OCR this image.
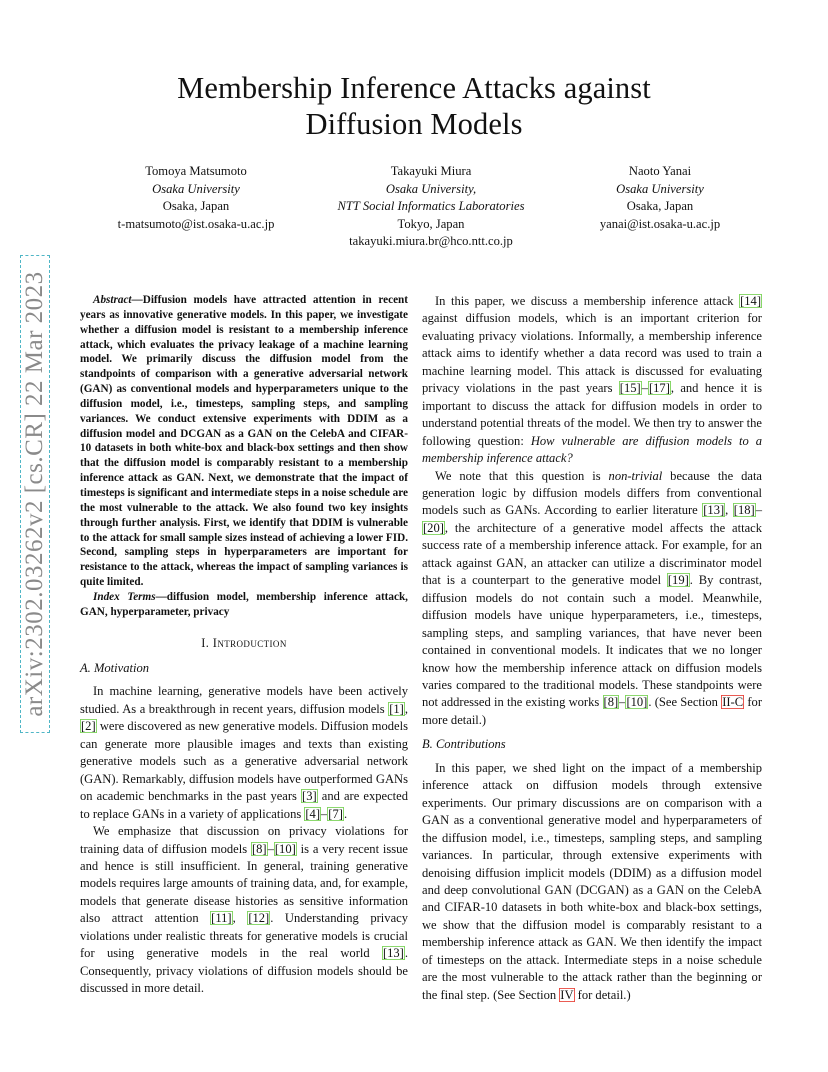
Membership Inference Attacks against
Diffusion Models
Tomoya Matsumoto
Osaka University
Osaka, Japan
t-matsumoto@ist.osaka-u.ac.jp
Takayuki Miura
Osaka University,
NTT Social Informatics Laboratories
Tokyo, Japan
takayuki.miura.br@hco.ntt.co.jp
Naoto Yanai
Osaka University
Osaka, Japan
yanai@ist.osaka-u.ac.jp
arXiv:2302.03262v2 [cs.CR] 22 Mar 2023	Abstract—Diffusion models have attracted attention in recent years as innovative generative models. In this paper, we investigate whether a diffusion model is resistant to a membership inference attack, which evaluates the privacy leakage of a machine learning model. We primarily discuss the diffusion model from the standpoints of comparison with a generative adversarial network (GAN) as conventional models and hyperparameters unique to the diffusion model, i.e., timesteps, sampling steps, and sampling variances. We conduct extensive experiments with DDIM as a diffusion model and DCGAN as a GAN on the CelebA and CIFAR-10 datasets in both white-box and black-box settings and then show that the diffusion model is comparably resistant to a membership inference attack as GAN. Next, we demonstrate that the impact of timesteps is significant and intermediate steps in a noise schedule are the most vulnerable to the attack. We also found two key insights through further analysis. First, we identify that DDIM is vulnerable to the attack for small sample sizes instead of achieving a lower FID. Second, sampling steps in hyperparameters are important for resistance to the attack, whereas the impact of sampling variances is quite limited.

Index Terms—diffusion model, membership inference attack, GAN, hyperparameter, privacy

I. Introduction
A. Motivation

In machine learning, generative models have been actively studied. As a breakthrough in recent years, diffusion models [1], [2] were discovered as new generative models. Diffusion models can generate more plausible images and texts than existing generative models such as a generative adversarial network (GAN). Remarkably, diffusion models have outperformed GANs on academic benchmarks in the past years [3] and are expected to replace GANs in a variety of applications [4]–[7].

We emphasize that discussion on privacy violations for training data of diffusion models [8]–[10] is a very recent issue and hence is still insufficient. In general, training generative models requires large amounts of training data, and, for example, models that generate disease histories as sensitive information also attract attention [11], [12]. Understanding privacy violations under realistic threats for generative models is crucial for using generative models in the real world [13]. Consequently, privacy violations of diffusion models should be discussed in more detail.

In this paper, we discuss a membership inference attack [14] against diffusion models, which is an important criterion for evaluating privacy violations. Informally, a membership inference attack aims to identify whether a data record was used to train a machine learning model. This attack is discussed for evaluating privacy violations in the past years [15]–[17], and hence it is important to discuss the attack for diffusion models in order to understand potential threats of the model. We then try to answer the following question: How vulnerable are diffusion models to a membership inference attack?

We note that this question is non-trivial because the data generation logic by diffusion models differs from conventional models such as GANs. According to earlier literature [13], [18]–[20], the architecture of a generative model affects the attack success rate of a membership inference attack. For example, for an attack against GAN, an attacker can utilize a discriminator model that is a counterpart to the generative model [19]. By contrast, diffusion models do not contain such a model. Meanwhile, diffusion models have unique hyperparameters, i.e., timesteps, sampling steps, and sampling variances, that have never been contained in conventional models. It indicates that we no longer know how the membership inference attack on diffusion models varies compared to the traditional models. These standpoints were not addressed in the existing works [8]–[10]. (See Section II-C for more detail.)

B. Contributions

In this paper, we shed light on the impact of a membership inference attack on diffusion models through extensive experiments. Our primary discussions are on comparison with a GAN as a conventional generative model and hyperparameters of the diffusion model, i.e., timesteps, sampling steps, and sampling variances. In particular, through extensive experiments with denoising diffusion implicit models (DDIM) as a diffusion model and deep convolutional GAN (DCGAN) as a GAN on the CelebA and CIFAR-10 datasets in both white-box and black-box settings, we show that the diffusion model is comparably resistant to a membership inference attack as GAN. We then identify the impact of timesteps on the attack. Intermediate steps in a noise schedule are the most vulnerable to the attack rather than the beginning or the final step. (See Section IV for detail.)
